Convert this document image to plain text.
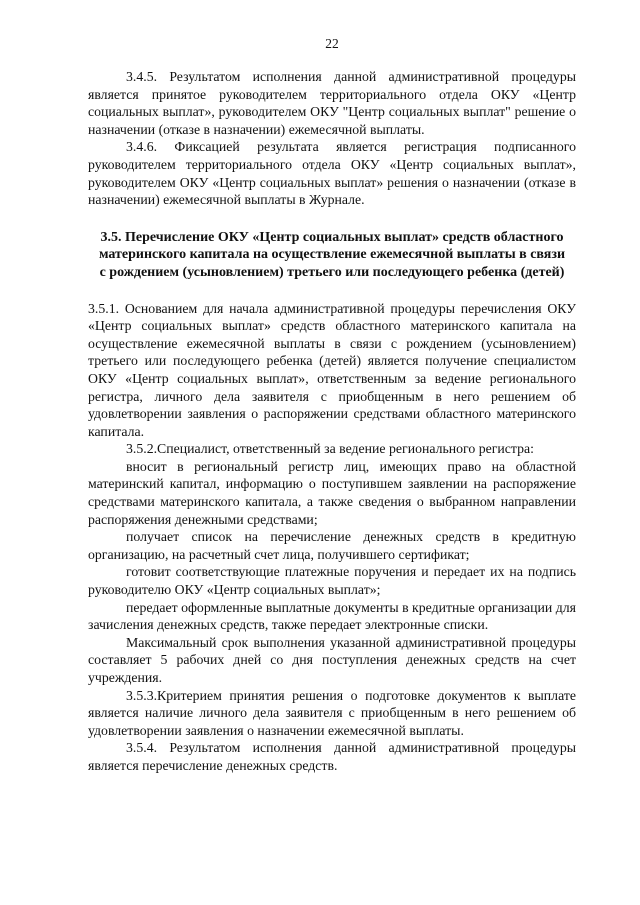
22

3.4.5. Результатом исполнения данной административной процедуры является принятое руководителем территориального отдела ОКУ «Центр социальных выплат», руководителем ОКУ "Центр социальных выплат" решение о назначении (отказе в назначении) ежемесячной выплаты.

3.4.6. Фиксацией результата является регистрация подписанного руководителем территориального отдела ОКУ «Центр социальных выплат», руководителем ОКУ «Центр социальных выплат» решения о назначении (отказе в назначении) ежемесячной выплаты в Журнале.

3.5. Перечисление ОКУ «Центр социальных выплат» средств областного материнского капитала на осуществление ежемесячной выплаты в связи с рождением (усыновлением) третьего или последующего ребенка (детей)

3.5.1. Основанием для начала административной процедуры перечисления ОКУ «Центр социальных выплат» средств областного материнского капитала на осуществление ежемесячной выплаты в связи с рождением (усыновлением) третьего или последующего ребенка (детей) является получение специалистом ОКУ «Центр социальных выплат», ответственным за ведение регионального регистра, личного дела заявителя с приобщенным в него решением об удовлетворении заявления о распоряжении средствами областного материнского капитала.

3.5.2.Специалист, ответственный за ведение регионального регистра:

вносит в региональный регистр лиц, имеющих право на областной материнский капитал, информацию о поступившем заявлении на распоряжение средствами материнского капитала, а также сведения о выбранном направлении распоряжения денежными средствами;

получает список на перечисление денежных средств в кредитную организацию, на расчетный счет лица, получившего сертификат;

готовит соответствующие платежные поручения и передает их на подпись руководителю ОКУ «Центр социальных выплат»;

передает оформленные выплатные документы в кредитные организации для зачисления денежных средств, также передает электронные списки.

Максимальный срок выполнения указанной административной процедуры составляет 5 рабочих дней со дня поступления денежных средств на счет учреждения.

3.5.3.Критерием принятия решения о подготовке документов к выплате является наличие личного дела заявителя с приобщенным в него решением об удовлетворении заявления о назначении ежемесячной выплаты.

3.5.4. Результатом исполнения данной административной процедуры является перечисление денежных средств.
